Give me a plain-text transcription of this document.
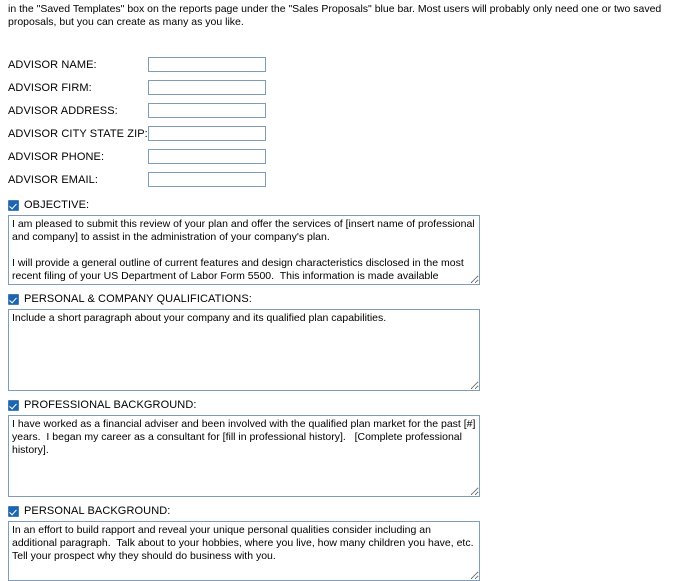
in the "Saved Templates" box on the reports page under the "Sales Proposals" blue bar. Most users will probably only need one or two saved proposals, but you can create as many as you like.

ADVISOR NAME:
ADVISOR FIRM:
ADVISOR ADDRESS:
ADVISOR CITY STATE ZIP:
ADVISOR PHONE:
ADVISOR EMAIL:
OBJECTIVE:
I am pleased to submit this review of your plan and offer the services of [insert name of professional and company] to assist in the administration of your company's plan. I will provide a general outline of current features and design characteristics disclosed in the most recent filing of your US Department of Labor Form 5500. This information is made available through the Freedom of Information Act.
PERSONAL & COMPANY QUALIFICATIONS:
Include a short paragraph about your company and its qualified plan capabilities.
PROFESSIONAL BACKGROUND:
I have worked as a financial adviser and been involved with the qualified plan market for the past [#] years. I began my career as a consultant for [fill in professional history]. [Complete professional history].
PERSONAL BACKGROUND:
In an effort to build rapport and reveal your unique personal qualities consider including an additional paragraph. Talk about to your hobbies, where you live, how many children you have, etc. Tell your prospect why they should do business with you.
